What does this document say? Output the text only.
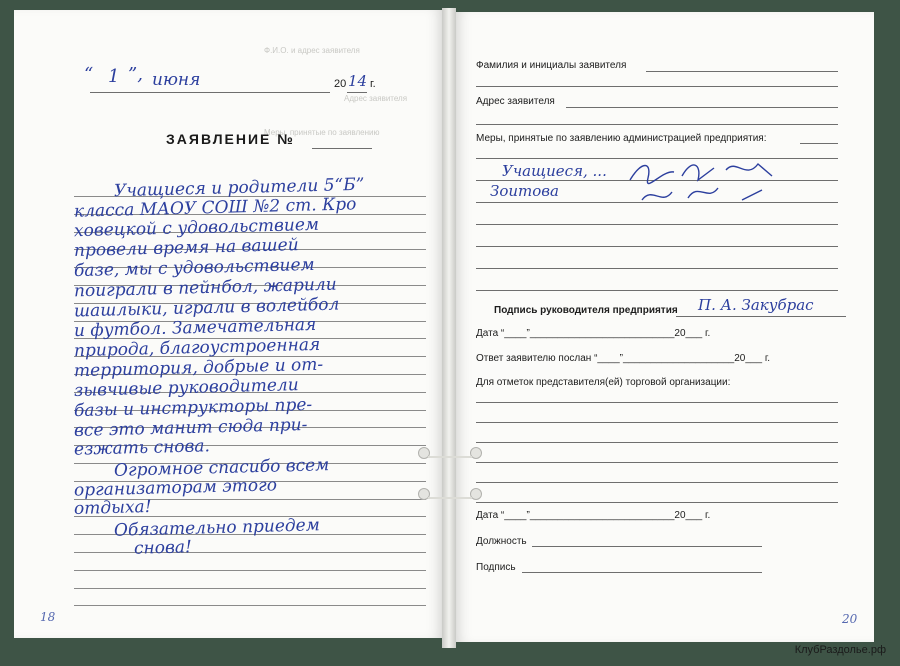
Ф.И.О. и адрес заявителя
Адрес заявителя
Меры, принятые по заявлению
“ 1 ”, июня	20 14 г.
ЗАЯВЛЕНИЕ №
Учащиеся и родители 5“Б”
класса МАОУ СОШ №2 ст. Кро
ховецкой с удовольствием
провели время на вашей
базе, мы с удовольствием
поиграли в пейнбол, жарили
шашлыки, играли в волейбол
и футбол. Замечательная
природа, благоустроенная
территория, добрые и от-
зывчивые руководители
базы и инструкторы пре-
все это манит сюда при-
езжать снова.
Огромное спасибо всем
организаторам этого
отдыха!
Обязательно приедем
снова!
18
Фамилия и инициалы заявителя
Адрес заявителя
Меры, принятые по заявлению администрацией предприятия:
Учащиеся, ...
Зоитова
Подпись руководителя предприятия П. А. Закубрас
Дата “____”__________________________20___ г.
Ответ заявителю послан “____”____________________20___ г.
Для отметок представителя(ей) торговой организации:
Дата “____”__________________________20___ г.
Должность
Подпись
20
КлубРаздолье.рф
